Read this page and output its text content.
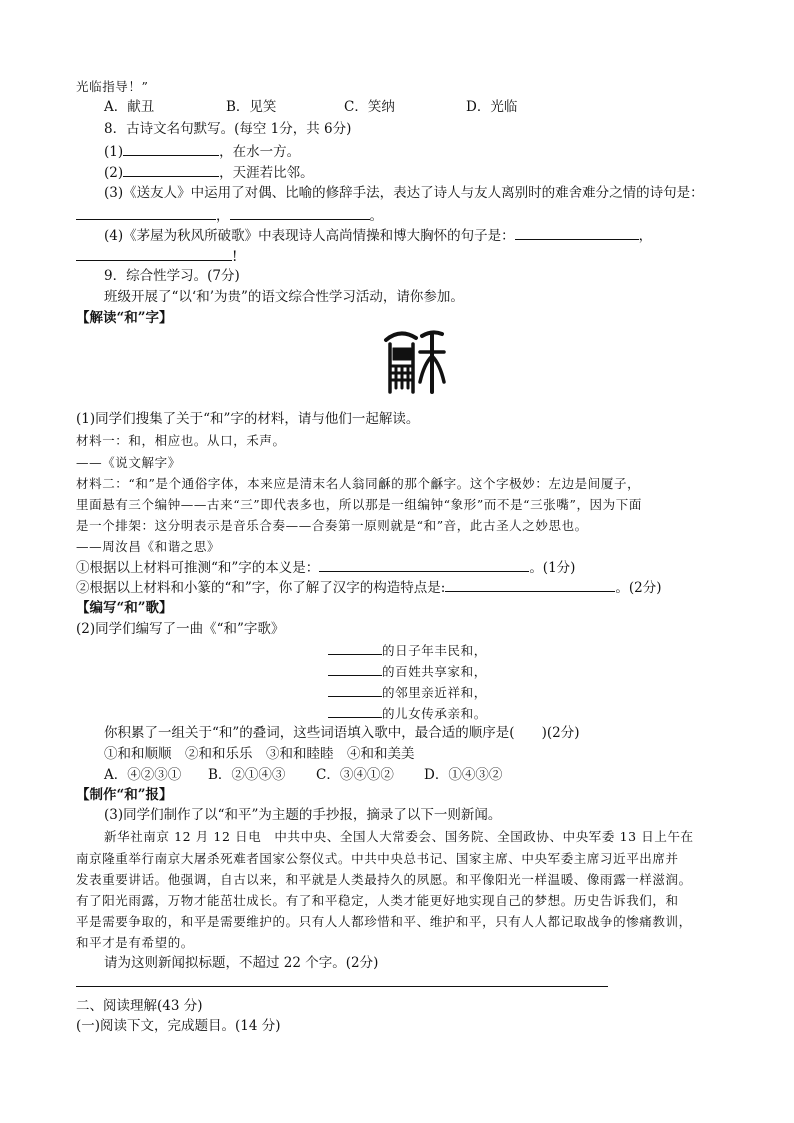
光临指导！”
A．献丑	B．见笑	C．笑纳	D．光临
8．古诗文名句默写。(每空 1分，共 6分)
(1)	，在水一方。
(2)	，天涯若比邻。
(3)《送友人》中运用了对偶、比喻的修辞手法，表达了诗人与友人离别时的难舍难分之情的诗句是：
，	。
(4)《茅屋为秋风所破歌》中表现诗人高尚情操和博大胸怀的句子是：	，
!
9．综合性学习。(7分)
班级开展了“以‘和’为贵”的语文综合性学习活动，请你参加。
【解读“和”字】
(1)同学们搜集了关于“和”字的材料，请与他们一起解读。
材料一：和，相应也。从口，禾声。
——《说文解字》
材料二：“和”是个通俗字体，本来应是清末名人翁同龢的那个龢字。这个字极妙：左边是间厦子，
里面悬有三个编钟——古来“三”即代表多也，所以那是一组编钟“象形”而不是“三张嘴”，因为下面
是一个排架：这分明表示是音乐合奏——合奏第一原则就是“和”音，此古圣人之妙思也。
——周汝昌《和谐之思》
①根据以上材料可推测“和”字的本义是：	。(1分)
②根据以上材料和小篆的“和”字，你了解了汉字的构造特点是:	。(2分)
【编写“和”歌】
(2)同学们编写了一曲《“和”字歌》
的日子年丰民和，
的百姓共享家和，
的邻里亲近祥和，
的儿女传承亲和。
你积累了一组关于“和”的叠词，这些词语填入歌中，最合适的顺序是(　　)(2分)
①和和顺顺　②和和乐乐　③和和睦睦　④和和美美
A．④②③① B．②①④③ C．③④①② D．①④③②
【制作“和”报】
(3)同学们制作了以“和平”为主题的手抄报，摘录了以下一则新闻。
新华社南京 12 月 12 日电　中共中央、全国人大常委会、国务院、全国政协、中央军委 13 日上午在
南京隆重举行南京大屠杀死难者国家公祭仪式。中共中央总书记、国家主席、中央军委主席习近平出席并
发表重要讲话。他强调，自古以来，和平就是人类最持久的夙愿。和平像阳光一样温暖、像雨露一样滋润。
有了阳光雨露，万物才能茁壮成长。有了和平稳定，人类才能更好地实现自己的梦想。历史告诉我们，和
平是需要争取的，和平是需要维护的。只有人人都珍惜和平、维护和平，只有人人都记取战争的惨痛教训，
和平才是有希望的。
请为这则新闻拟标题，不超过 22 个字。(2分)
二、阅读理解(43 分)
(一)阅读下文，完成题目。(14 分)
